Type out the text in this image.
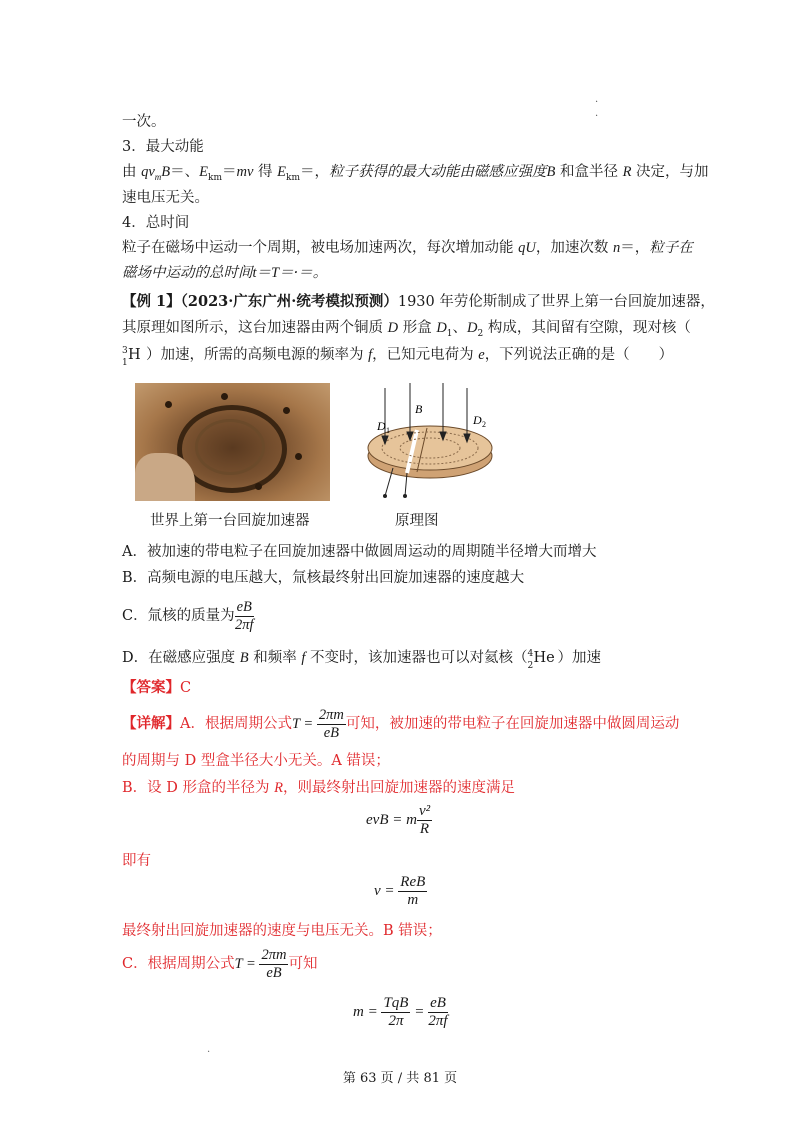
.
.
一次。
3．最大动能
由 $qv_mB=$、$E_{km}=mv$ 得 $E_{km}=$，粒子获得的最大动能由磁感应强度B 和盒半径 R 决定，与加
速电压无关。
4．总时间
粒子在磁场中运动一个周期，被电场加速两次，每次增加动能 qU，加速次数 n＝，粒子在
磁场中运动的总时间t＝T＝·＝。
【例 1】（2023·广东广州·统考模拟预测）1930 年劳伦斯制成了世界上第一台回旋加速器，
其原理如图所示，这台加速器由两个铜质 D 形盒 $D_1$、$D_2$ 构成，其间留有空隙，现对核（
3
1 H ）加速，所需的高频电源的频率为 f，已知元电荷为 e，下列说法正确的是（　　）
世界上第一台回旋加速器
B
D 1
D 2
原理图
A．被加速的带电粒子在回旋加速器中做圆周运动的周期随半径增大而增大
B．高频电源的电压越大，氚核最终射出回旋加速器的速度越大
C．氚核的质量为 $\frac{eB}{2\pi f}$
D．在磁感应强度 B 和频率 f 不变时，该加速器也可以对氦核（ 4
2 He ）加速
【答案】C
【详解】A．根据周期公式$T = \frac{2\pi m}{eB}$ 可知，被加速的带电粒子在回旋加速器中做圆周运动
的周期与 D 型盒半径大小无关。A 错误；
B．设 D 形盒的半径为 R，则最终射出回旋加速器的速度满足
evB = m $\frac{\text{v²}}{R}$
即有
$v = \frac{\text{ReB}}{m}$
最终射出回旋加速器的速度与电压无关。B 错误；
C．根据周期公式$T = \frac{2\pi m}{eB}$ 可知
$m = \frac{\text{TqB}}{2\pi} = \frac{eB}{2\pi f}$
.
第 63 页 / 共 81 页
